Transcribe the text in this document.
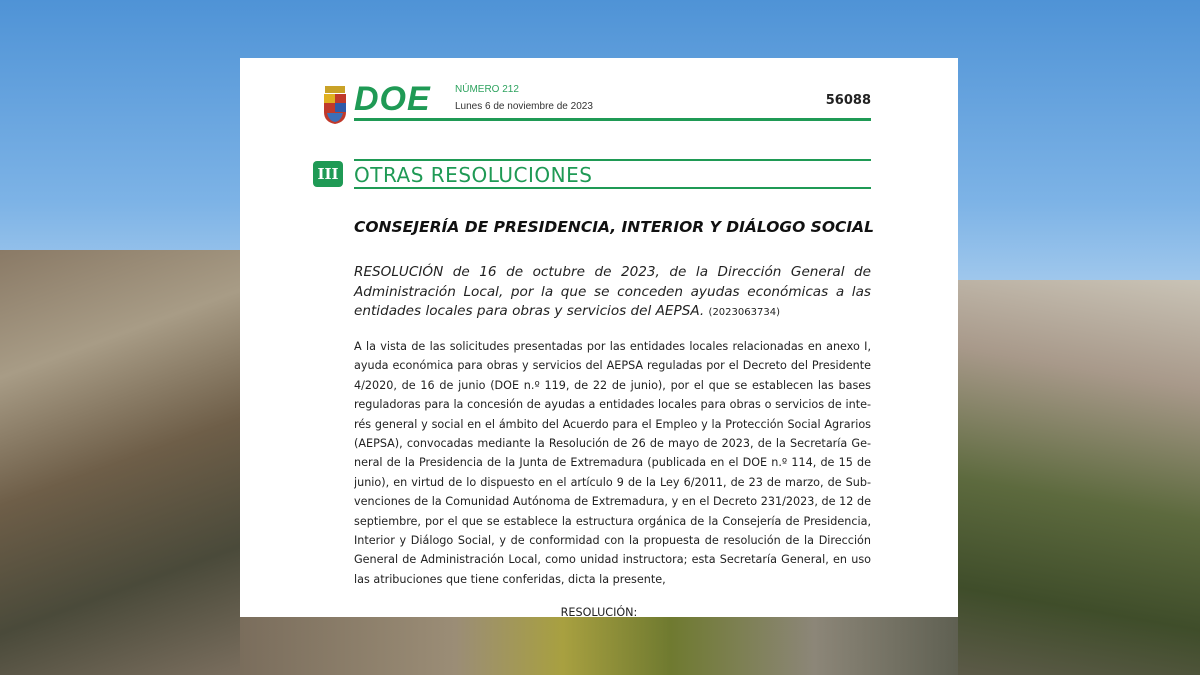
DOE NÚMERO 212
Lunes 6 de noviembre de 2023	56088
III OTRAS RESOLUCIONES
CONSEJERÍA DE PRESIDENCIA, INTERIOR Y DIÁLOGO SOCIAL
RESOLUCIÓN de 16 de octubre de 2023, de la Dirección General de
Administración Local, por la que se conceden ayudas económicas a las
entidades locales para obras y servicios del AEPSA. (2023063734)
A la vista de las solicitudes presentadas por las entidades locales relacionadas en anexo I,
ayuda económica para obras y servicios del AEPSA reguladas por el Decreto del Presidente
4/2020, de 16 de junio (DOE n.º 119, de 22 de junio), por el que se establecen las bases
reguladoras para la concesión de ayudas a entidades locales para obras o servicios de inte-
rés general y social en el ámbito del Acuerdo para el Empleo y la Protección Social Agrarios
(AEPSA), convocadas mediante la Resolución de 26 de mayo de 2023, de la Secretaría Ge-
neral de la Presidencia de la Junta de Extremadura (publicada en el DOE n.º 114, de 15 de
junio), en virtud de lo dispuesto en el artículo 9 de la Ley 6/2011, de 23 de marzo, de Sub-
venciones de la Comunidad Autónoma de Extremadura, y en el Decreto 231/2023, de 12 de
septiembre, por el que se establece la estructura orgánica de la Consejería de Presidencia,
Interior y Diálogo Social, y de conformidad con la propuesta de resolución de la Dirección
General de Administración Local, como unidad instructora; esta Secretaría General, en uso
las atribuciones que tiene conferidas, dicta la presente,
RESOLUCIÓN:
